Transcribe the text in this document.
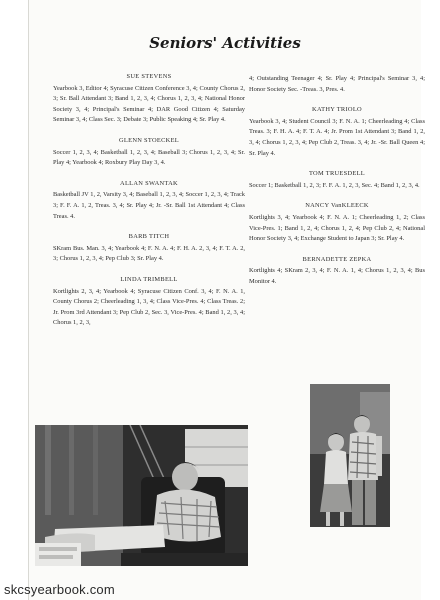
Seniors' Activities
SUE STEVENS
Yearbook 3, Editor 4; Syracuse Citizen Conference 3, 4; County Chorus 2, 3; Sr. Ball Attendant 3; Band 1, 2, 3, 4; Chorus 1, 2, 3, 4; National Honor Society 3, 4; Principal's Seminar 4; DAR Good Citizen 4; Saturday Seminar 3, 4; Class Sec. 3; Debate 3; Public Speaking 4; Sr. Play 4.
GLENN STOECKEL
Soccer 1, 2, 3, 4; Basketball 1, 2, 3, 4; Baseball 3; Chorus 1, 2, 3, 4; Sr. Play 4; Yearbook 4; Roxbury Play Day 3, 4.
ALLAN SWANTAK
Basketball JV 1, 2, Varsity 3, 4; Baseball 1, 2, 3, 4; Soccer 1, 2, 3, 4; Track 3; F. F. A. 1, 2, Treas. 3, 4; Sr. Play 4; Jr. -Sr. Ball 1st Attendant 4; Class Treas. 4.
BARB TITCH
SKram Bus. Man. 3, 4; Yearbook 4; F. N. A. 4; F. H. A. 2, 3, 4; F. T. A. 2, 3; Chorus 1, 2, 3, 4; Pep Club 3; Sr. Play 4.
LINDA TRIMBELL
Kortlights 2, 3, 4; Yearbook 4; Syracuse Citizen Conf. 3, 4; F. N. A. 1, County Chorus 2; Cheerleading 1, 3, 4; Class Vice-Pres. 4; Class Treas. 2; Jr. Prom 3rd Attendant 3; Pep Club 2, Sec. 3, Vice-Pres. 4; Band 1, 2, 3, 4; Chorus 1, 2, 3,
4; Outstanding Teenager 4; Sr. Play 4; Principal's Seminar 3, 4; Honor Society Sec. -Treas. 3, Pres. 4.
KATHY TRIOLO
Yearbook 3, 4; Student Council 3; F. N. A. 1; Cheerleading 4; Class Treas. 3; F. H. A. 4; F. T. A. 4; Jr. Prom 1st Attendant 3; Band 1, 2, 3, 4; Chorus 1, 2, 3, 4; Pep Club 2, Treas. 3, 4; Jr. -Sr. Ball Queen 4; Sr. Play 4.
TOM TRUESDELL
Soccer 1; Basketball 1, 2, 3; F. F. A. 1, 2, 3, Sec. 4; Band 1, 2, 3, 4.
NANCY VanKLEECK
Kortlights 3, 4; Yearbook 4; F. N. A. 1; Cheerleading 1, 2; Class Vice-Pres. 1; Band 1, 2, 4; Chorus 1, 2, 4; Pep Club 2, 4; National Honor Society 3, 4; Exchange Student to Japan 3; Sr. Play 4.
BERNADETTE ZEPKA
Kortlights 4; SKram 2, 3, 4; F. N. A. 1, 4; Chorus 1, 2, 3, 4; Bus Monitor 4.
skcsyearbook.com
